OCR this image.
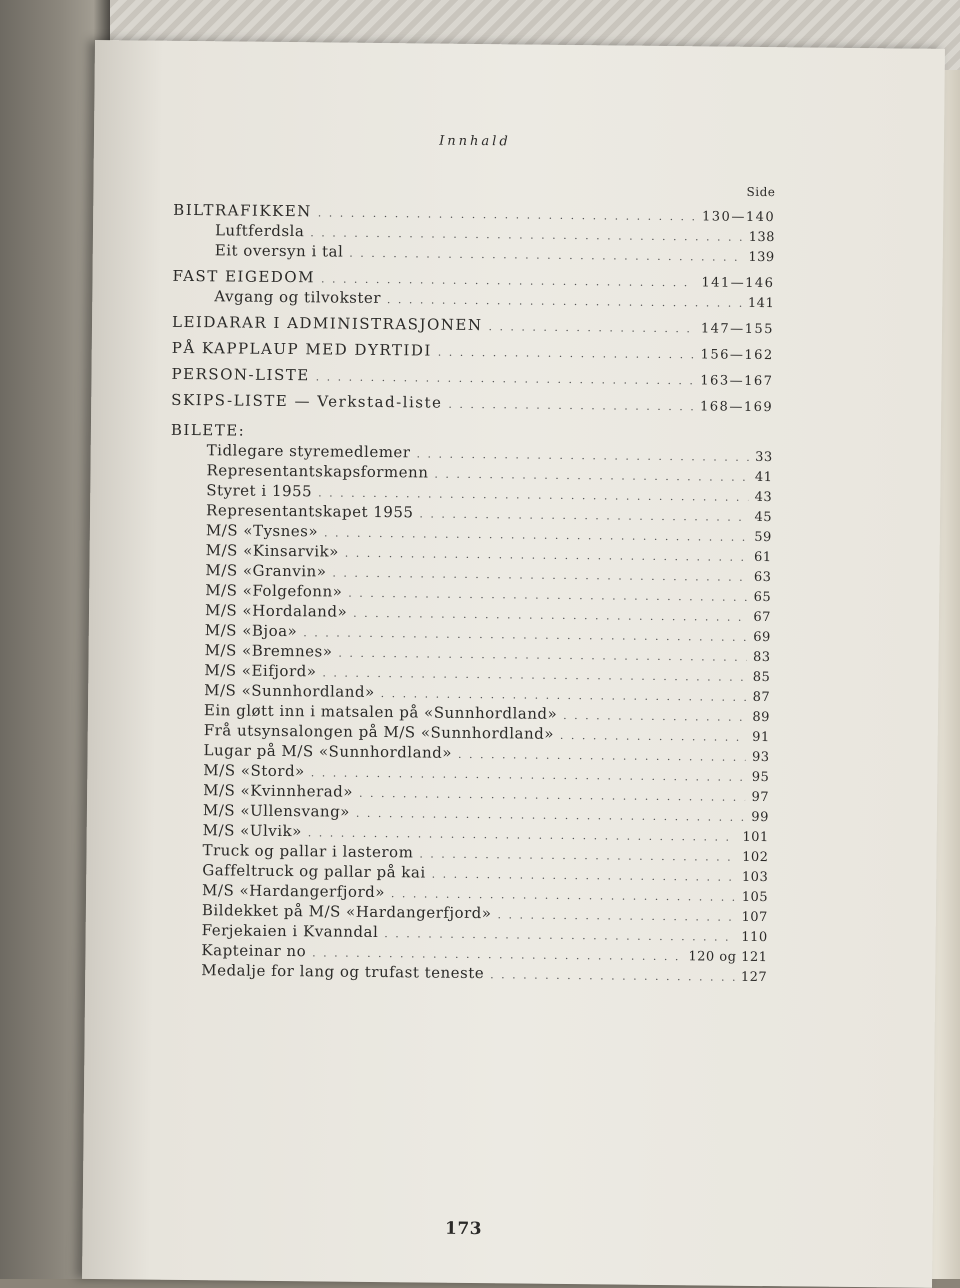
Innhald
Side
BILTRAFIKKEN . . .	130—140
Luftferdsla . . .	138
Eit oversyn i tal . . .	139
FAST EIGEDOM . . .	141—146
Avgang og tilvokster . . .	141
LEIDARAR I ADMINISTRASJONEN . . .	147—155
PÅ KAPPLAUP MED DYRTIDI . . .	156—162
PERSON-LISTE . . .	163—167
SKIPS-LISTE — Verkstad-liste . . .	168—169
BILETE:
Tidlegare styremedlemer . . .	33
Representantskapsformenn . . .	41
Styret i 1955 . . .	43
Representantskapet 1955 . . .	45
M/S «Tysnes» . . .	59
M/S «Kinsarvik» . . .	61
M/S «Granvin» . . .	63
M/S «Folgefonn» . . .	65
M/S «Hordaland» . . .	67
M/S «Bjoa» . . .	69
M/S «Bremnes» . . .	83
M/S «Eifjord» . . .	85
M/S «Sunnhordland» . . .	87
Ein gløtt inn i matsalen på «Sunnhordland» . . .	89
Frå utsynsalongen på M/S «Sunnhordland» . . .	91
Lugar på M/S «Sunnhordland» . . .	93
M/S «Stord» . . .	95
M/S «Kvinnherad» . . .	97
M/S «Ullensvang» . . .	99
M/S «Ulvik» . . .	101
Truck og pallar i lasterom . . .	102
Gaffeltruck og pallar på kai . . .	103
M/S «Hardangerfjord» . . .	105
Bildekket på M/S «Hardangerfjord» . . .	107
Ferjekaien i Kvanndal . . .	110
Kapteinar no . . .	120 og 121
Medalje for lang og trufast teneste . . .	127
173
